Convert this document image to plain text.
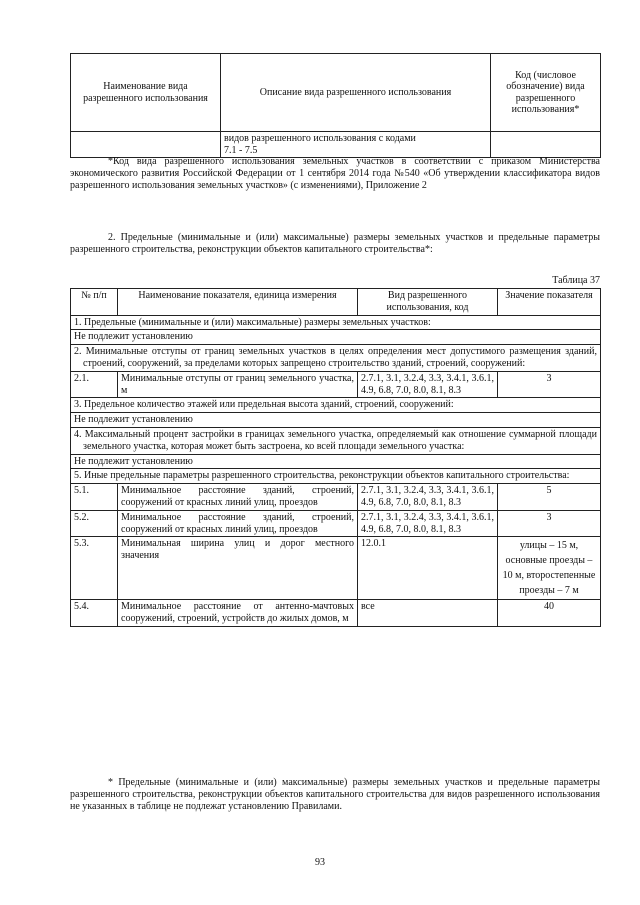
Наименование вида разрешенного использования	Описание вида разрешенного использования	Код (числовое обозначение) вида разрешенного использования*

	видов разрешенного использования с кодами
7.1 - 7.5	

*Код вида разрешенного использования земельных участков в соответствии с приказом Министерства экономического развития Российской Федерации от 1 сентября 2014 года №540 «Об утверждении классификатора видов разрешенного использования земельных участков» (с изменениями), Приложение 2
2. Предельные (минимальные и (или) максимальные) размеры земельных участков и предельные параметры разрешенного строительства, реконструкции объектов капитального строительства*:
Таблица 37
№ п/п	Наименование показателя, единица измерения	Вид разрешенного использования, код	Значение показателя
1. Предельные (минимальные и (или) максимальные) размеры земельных участков:			
Не подлежит установлению			
2. Минимальные отступы от границ земельных участков в целях определения мест допустимого размещения зданий, строений, сооружений, за пределами которых запрещено строительство зданий, строений, сооружений:			
2.1.	Минимальные отступы от границ земельного участка, м	2.7.1, 3.1, 3.2.4, 3.3, 3.4.1, 3.6.1, 4.9, 6.8, 7.0, 8.0, 8.1, 8.3	3
3. Предельное количество этажей или предельная высота зданий, строений, сооружений:			
Не подлежит установлению			
4. Максимальный процент застройки в границах земельного участка, определяемый как отношение суммарной площади земельного участка, которая может быть застроена, ко всей площади земельного участка:			
Не подлежит установлению			
5. Иные предельные параметры разрешенного строительства, реконструкции объектов капитального строительства:			
5.1.	Минимальное расстояние зданий, строений, сооружений от красных линий улиц, проездов	2.7.1, 3.1, 3.2.4, 3.3, 3.4.1, 3.6.1, 4.9, 6.8, 7.0, 8.0, 8.1, 8.3	5
5.2.	Минимальное расстояние зданий, строений, сооружений от красных линий улиц, проездов	2.7.1, 3.1, 3.2.4, 3.3, 3.4.1, 3.6.1, 4.9, 6.8, 7.0, 8.0, 8.1, 8.3	3
5.3.	Минимальная ширина улиц и дорог местного значения	12.0.1	улицы – 15 м, основные проезды – 10 м, второстепенные проезды – 7 м
5.4.	Минимальное расстояние от антенно-мачтовых сооружений, строений, устройств до жилых домов, м	все	40
* Предельные (минимальные и (или) максимальные) размеры земельных участков и предельные параметры разрешенного строительства, реконструкции объектов капитального строительства для видов разрешенного использования не указанных в таблице не подлежат установлению Правилами.
93
